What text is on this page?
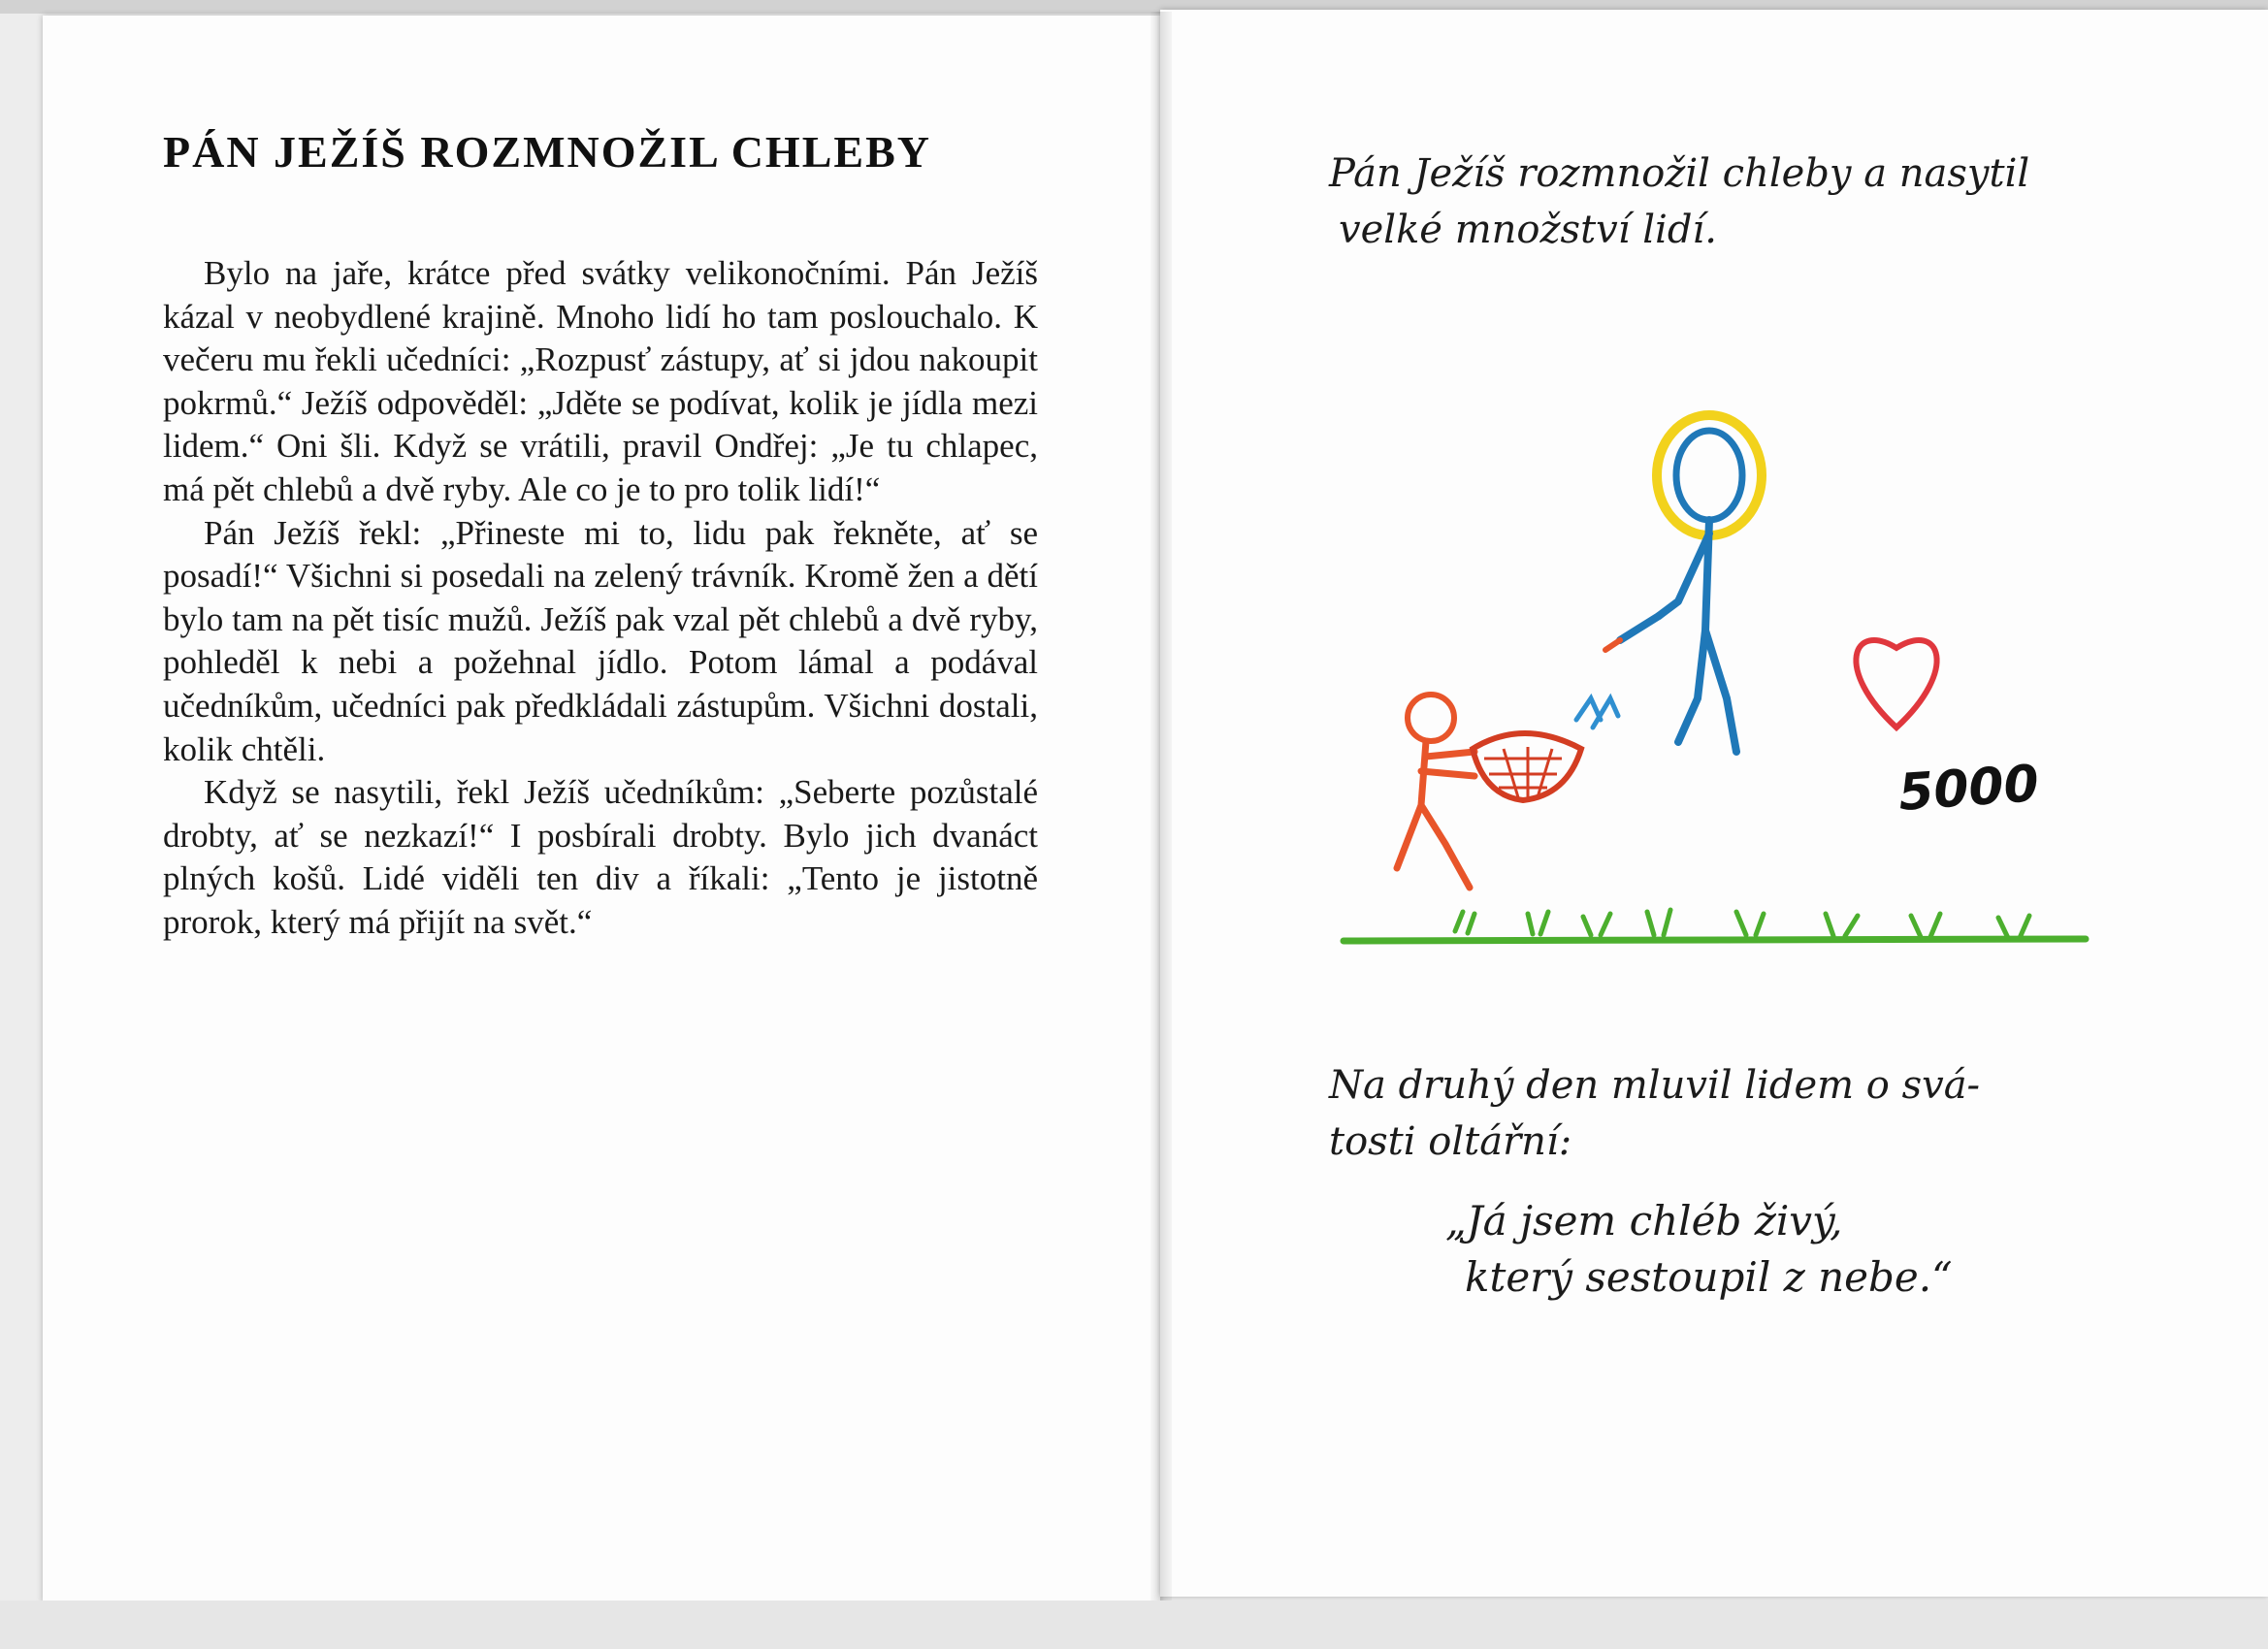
PÁN JEŽÍŠ ROZMNOŽIL CHLEBY

Bylo na jaře, krátce před svátky velikonočními. Pán Ježíš kázal v neobydlené krajině. Mnoho lidí ho tam poslouchalo. K večeru mu řekli učedníci: „Rozpusť zástupy, ať si jdou nakoupit pokrmů.“ Ježíš odpověděl: „Jděte se podívat, kolik je jídla mezi lidem.“ Oni šli. Když se vrátili, pravil Ondřej: „Je tu chlapec, má pět chlebů a dvě ryby. Ale co je to pro tolik lidí!“

Pán Ježíš řekl: „Přineste mi to, lidu pak řekněte, ať se posadí!“ Všichni si posedali na zelený trávník. Kromě žen a dětí bylo tam na pět tisíc mužů. Ježíš pak vzal pět chlebů a dvě ryby, pohleděl k nebi a požehnal jídlo. Potom lámal a podával učedníkům, učedníci pak předkládali zástupům. Všichni dostali, kolik chtěli.

Když se nasytili, řekl Ježíš učedníkům: „Seberte pozůstalé drobty, ať se nezkazí!“ I posbírali drobty. Bylo jich dvanáct plných košů. Lidé viděli ten div a říkali: „Tento je jistotně prorok, který má přijít na svět.“

Pán Ježíš rozmnožil chleby a nasytil
velké množství lidí.
5000
Na druhý den mluvil lidem o svá-
tosti oltářní:
„Já jsem chléb živý,
který sestoupil z nebe.“
